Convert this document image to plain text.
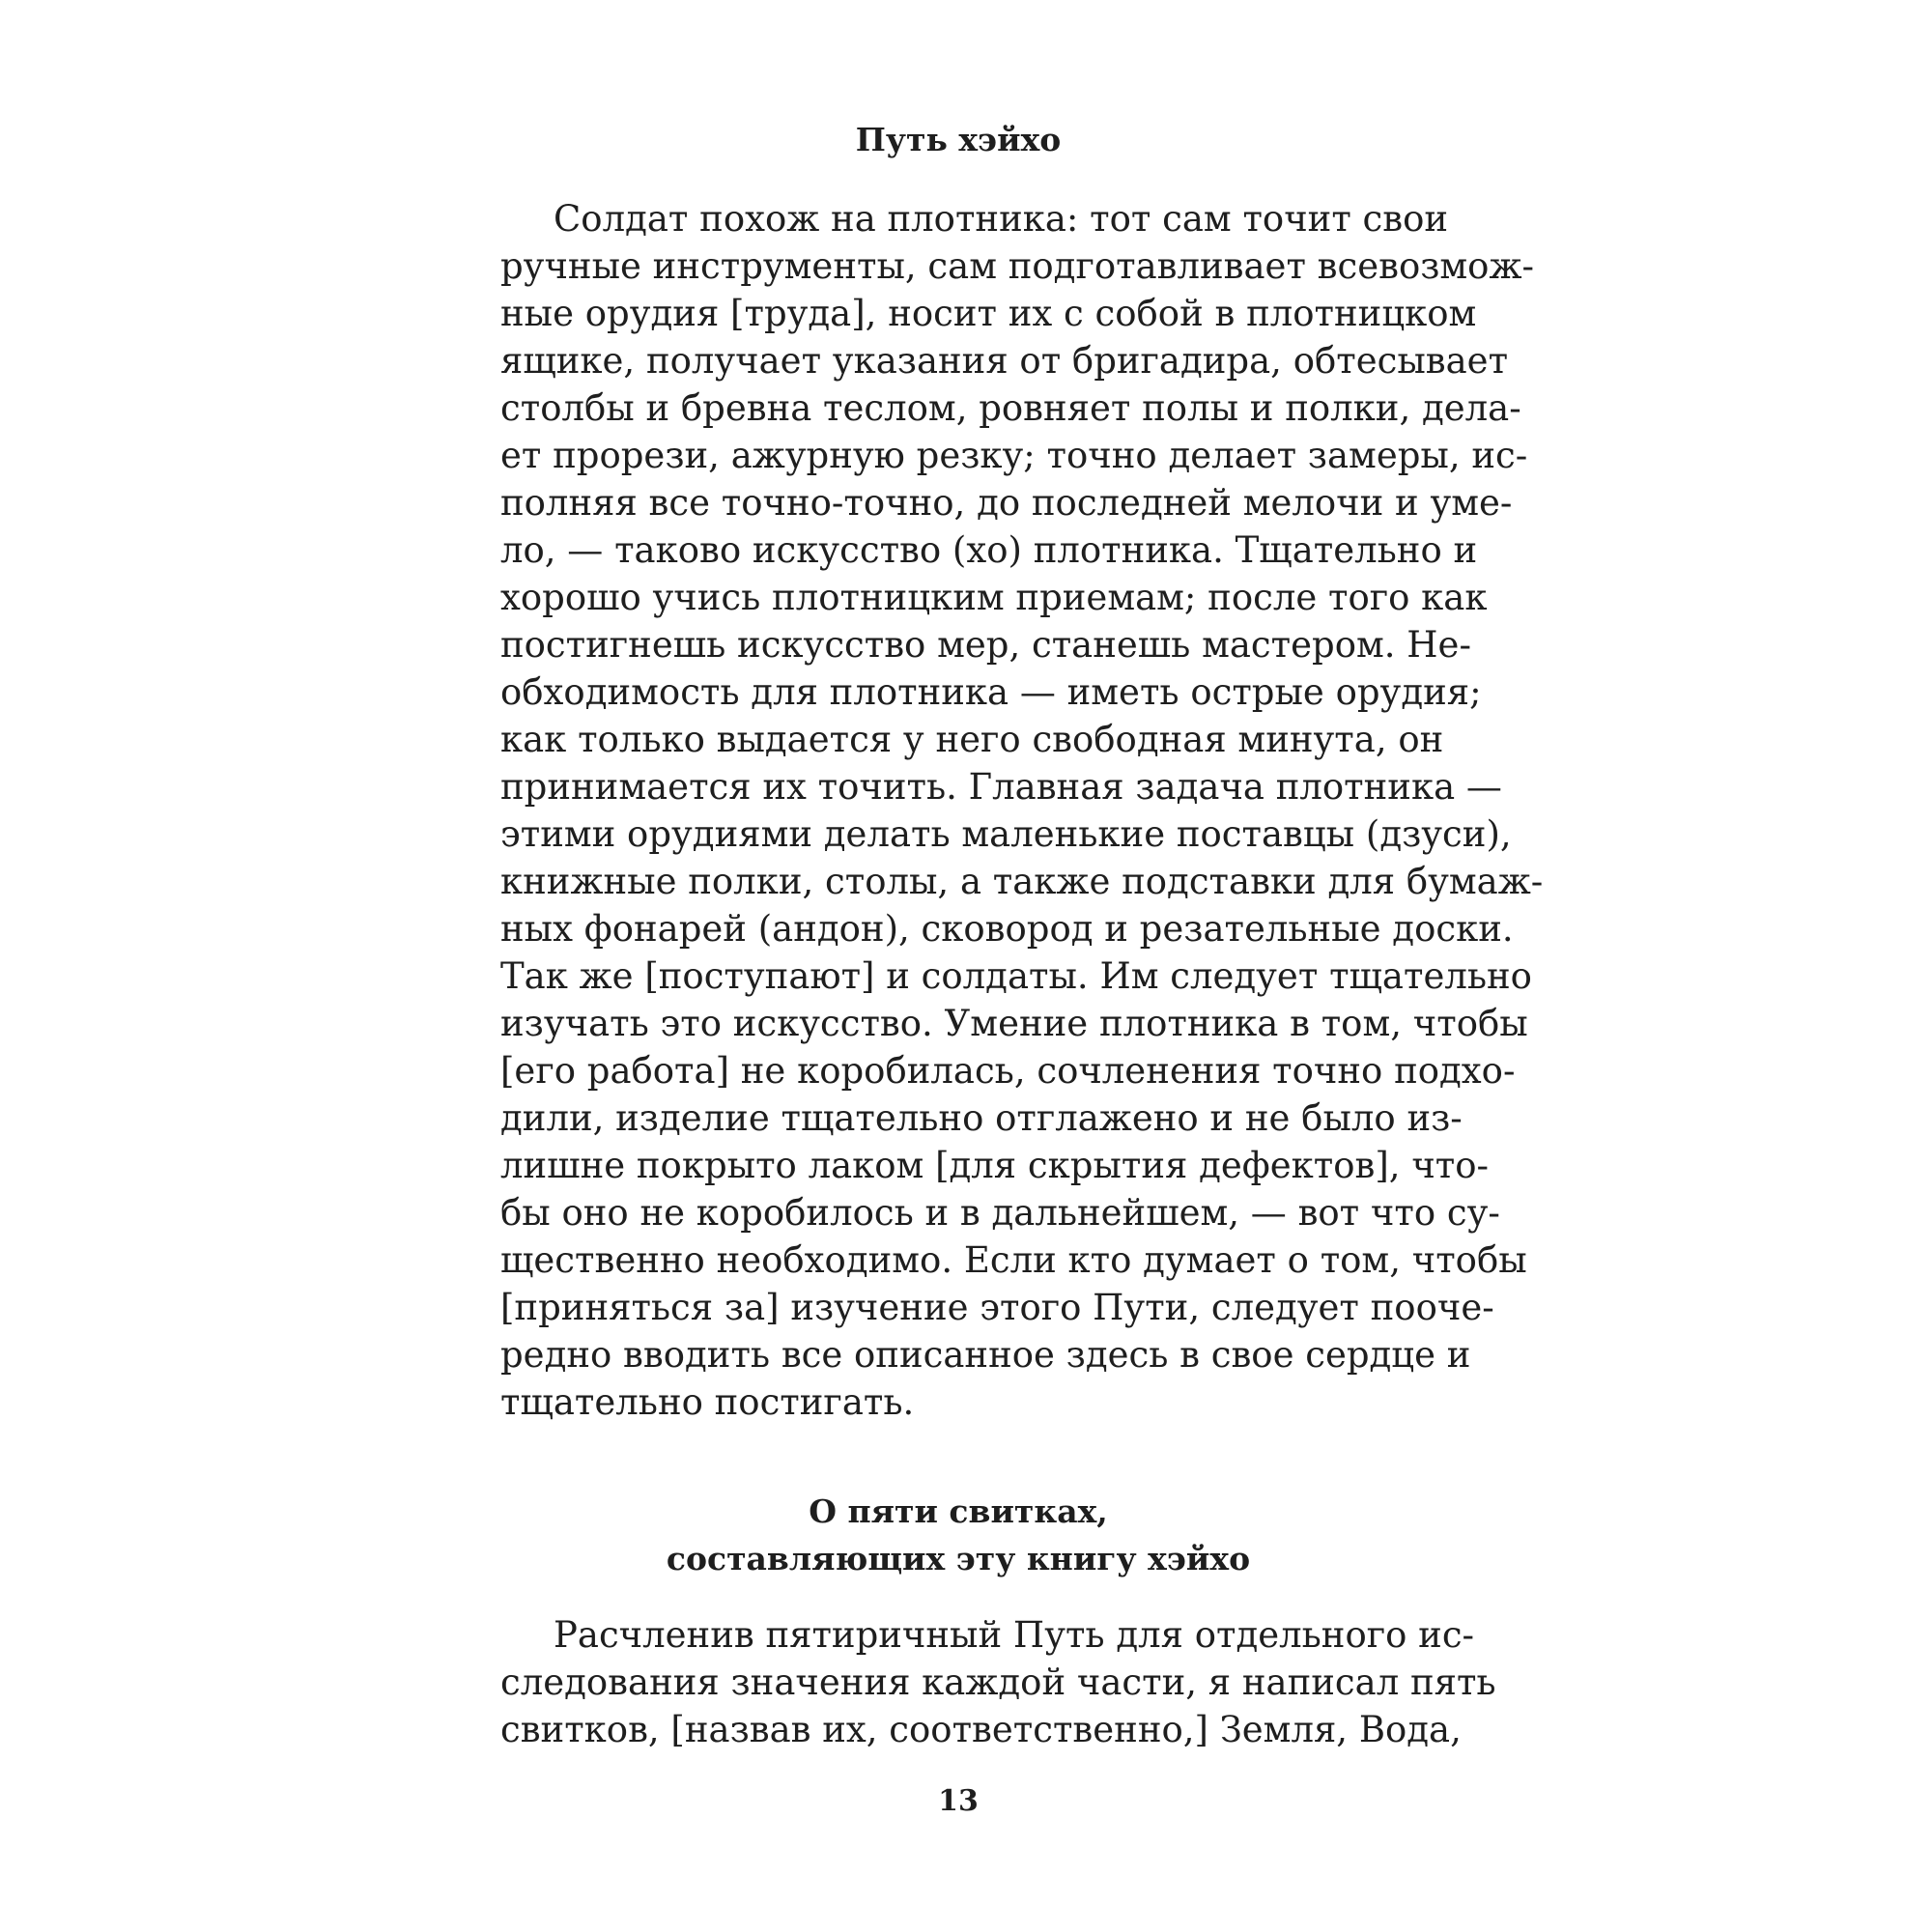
Путь хэйхо
Солдат похож на плотника: тот сам точит свои
ручные инструменты, сам подготавливает всевозмож-
ные орудия [труда], носит их с собой в плотницком
ящике, получает указания от бригадира, обтесывает
столбы и бревна теслом, ровняет полы и полки, дела-
ет прорези, ажурную резку; точно делает замеры, ис-
полняя все точно-точно, до последней мелочи и уме-
ло, — таково искусство (хо) плотника. Тщательно и
хорошо учись плотницким приемам; после того как
постигнешь искусство мер, станешь мастером. Не-
обходимость для плотника — иметь острые орудия;
как только выдается у него свободная минута, он
принимается их точить. Главная задача плотника —
этими орудиями делать маленькие поставцы (дзуси),
книжные полки, столы, а также подставки для бумаж-
ных фонарей (андон), сковород и резательные доски.
Так же [поступают] и солдаты. Им следует тщательно
изучать это искусство. Умение плотника в том, чтобы
[его работа] не коробилась, сочленения точно подхо-
дили, изделие тщательно отглажено и не было из-
лишне покрыто лаком [для скрытия дефектов], что-
бы оно не коробилось и в дальнейшем, — вот что су-
щественно необходимо. Если кто думает о том, чтобы
[приняться за] изучение этого Пути, следует поoче-
редно вводить все описанное здесь в свое сердце и
тщательно постигать.
О пяти свитках,
составляющих эту книгу хэйхо
Расчленив пятиричный Путь для отдельного ис-
следования значения каждой части, я написал пять
свитков, [назвав их, соответственно,] Земля, Вода,
13
